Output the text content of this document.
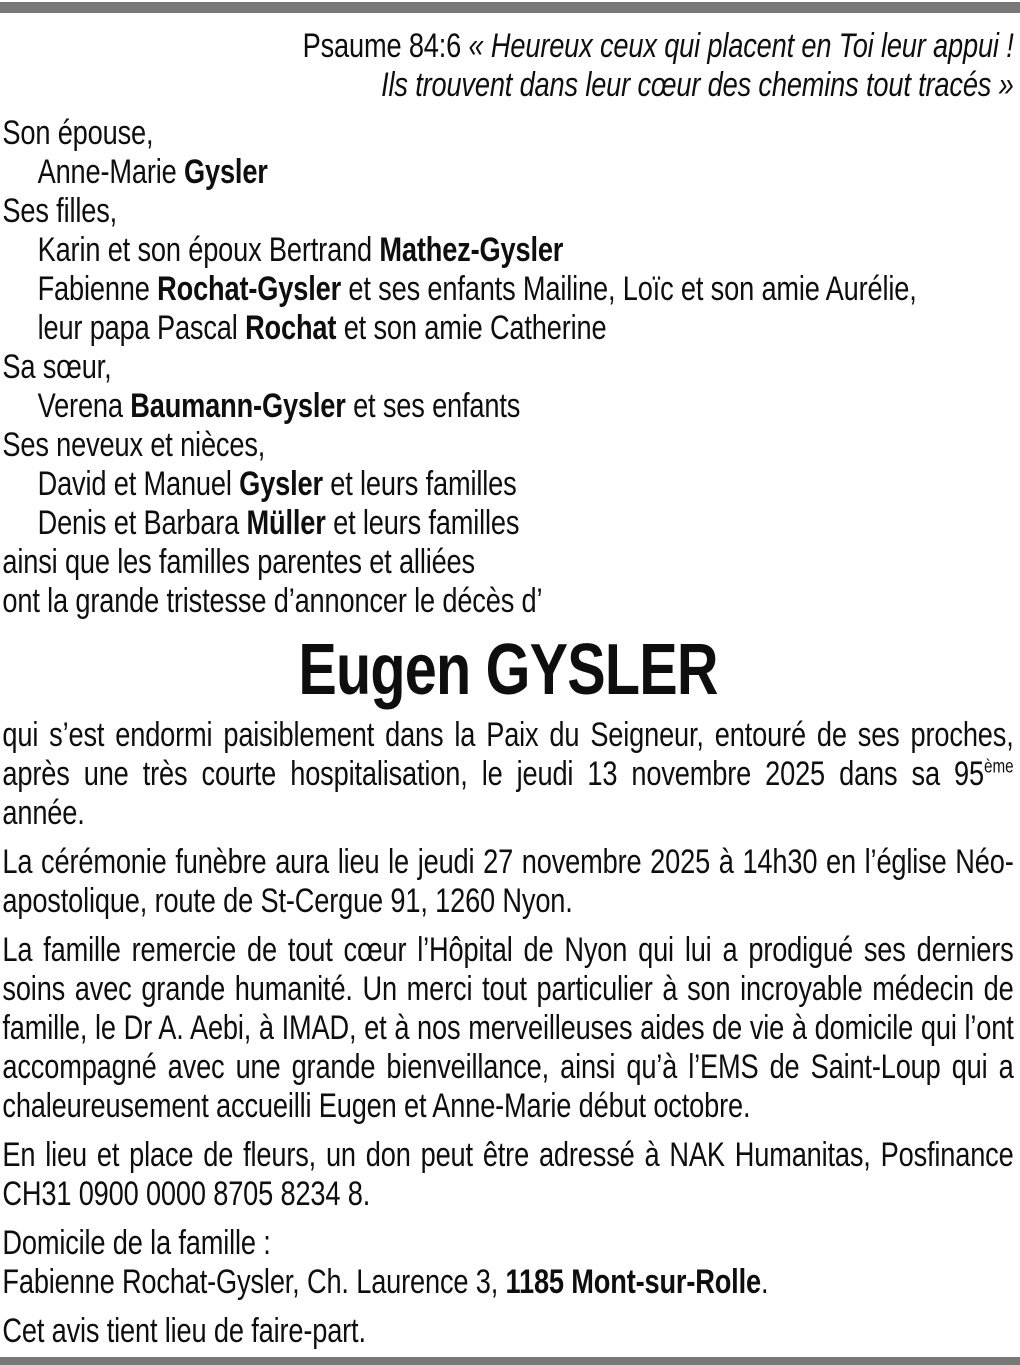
Psaume 84:6 « Heureux ceux qui placent en Toi leur appui !
Ils trouvent dans leur cœur des chemins tout tracés »
Son épouse,
Anne-Marie Gysler
Ses filles,
Karin et son époux Bertrand Mathez-Gysler
Fabienne Rochat-Gysler et ses enfants Mailine, Loïc et son amie Aurélie,
leur papa Pascal Rochat et son amie Catherine
Sa sœur,
Verena Baumann-Gysler et ses enfants
Ses neveux et nièces,
David et Manuel Gysler et leurs familles
Denis et Barbara Müller et leurs familles
ainsi que les familles parentes et alliées
ont la grande tristesse d’annoncer le décès d’
Eugen GYSLER

qui s’est endormi paisiblement dans la Paix du Seigneur, entouré de ses proches, après une très courte hospitalisation, le jeudi 13 novembre 2025 dans sa 95ème année.

La cérémonie funèbre aura lieu le jeudi 27 novembre 2025 à 14h30 en l’église Néo-apostolique, route de St-Cergue 91, 1260 Nyon.

La famille remercie de tout cœur l’Hôpital de Nyon qui lui a prodigué ses derniers soins avec grande humanité. Un merci tout particulier à son incroyable médecin de famille, le Dr A. Aebi, à IMAD, et à nos merveilleuses aides de vie à domicile qui l’ont accompagné avec une grande bienveillance, ainsi qu’à l’EMS de Saint-Loup qui a chaleureusement accueilli Eugen et Anne-Marie début octobre.

En lieu et place de fleurs, un don peut être adressé à NAK Humanitas, Posfinance CH31 0900 0000 8705 8234 8.

Domicile de la famille :
Fabienne Rochat-Gysler, Ch. Laurence 3, 1185 Mont-sur-Rolle.

Cet avis tient lieu de faire-part.
